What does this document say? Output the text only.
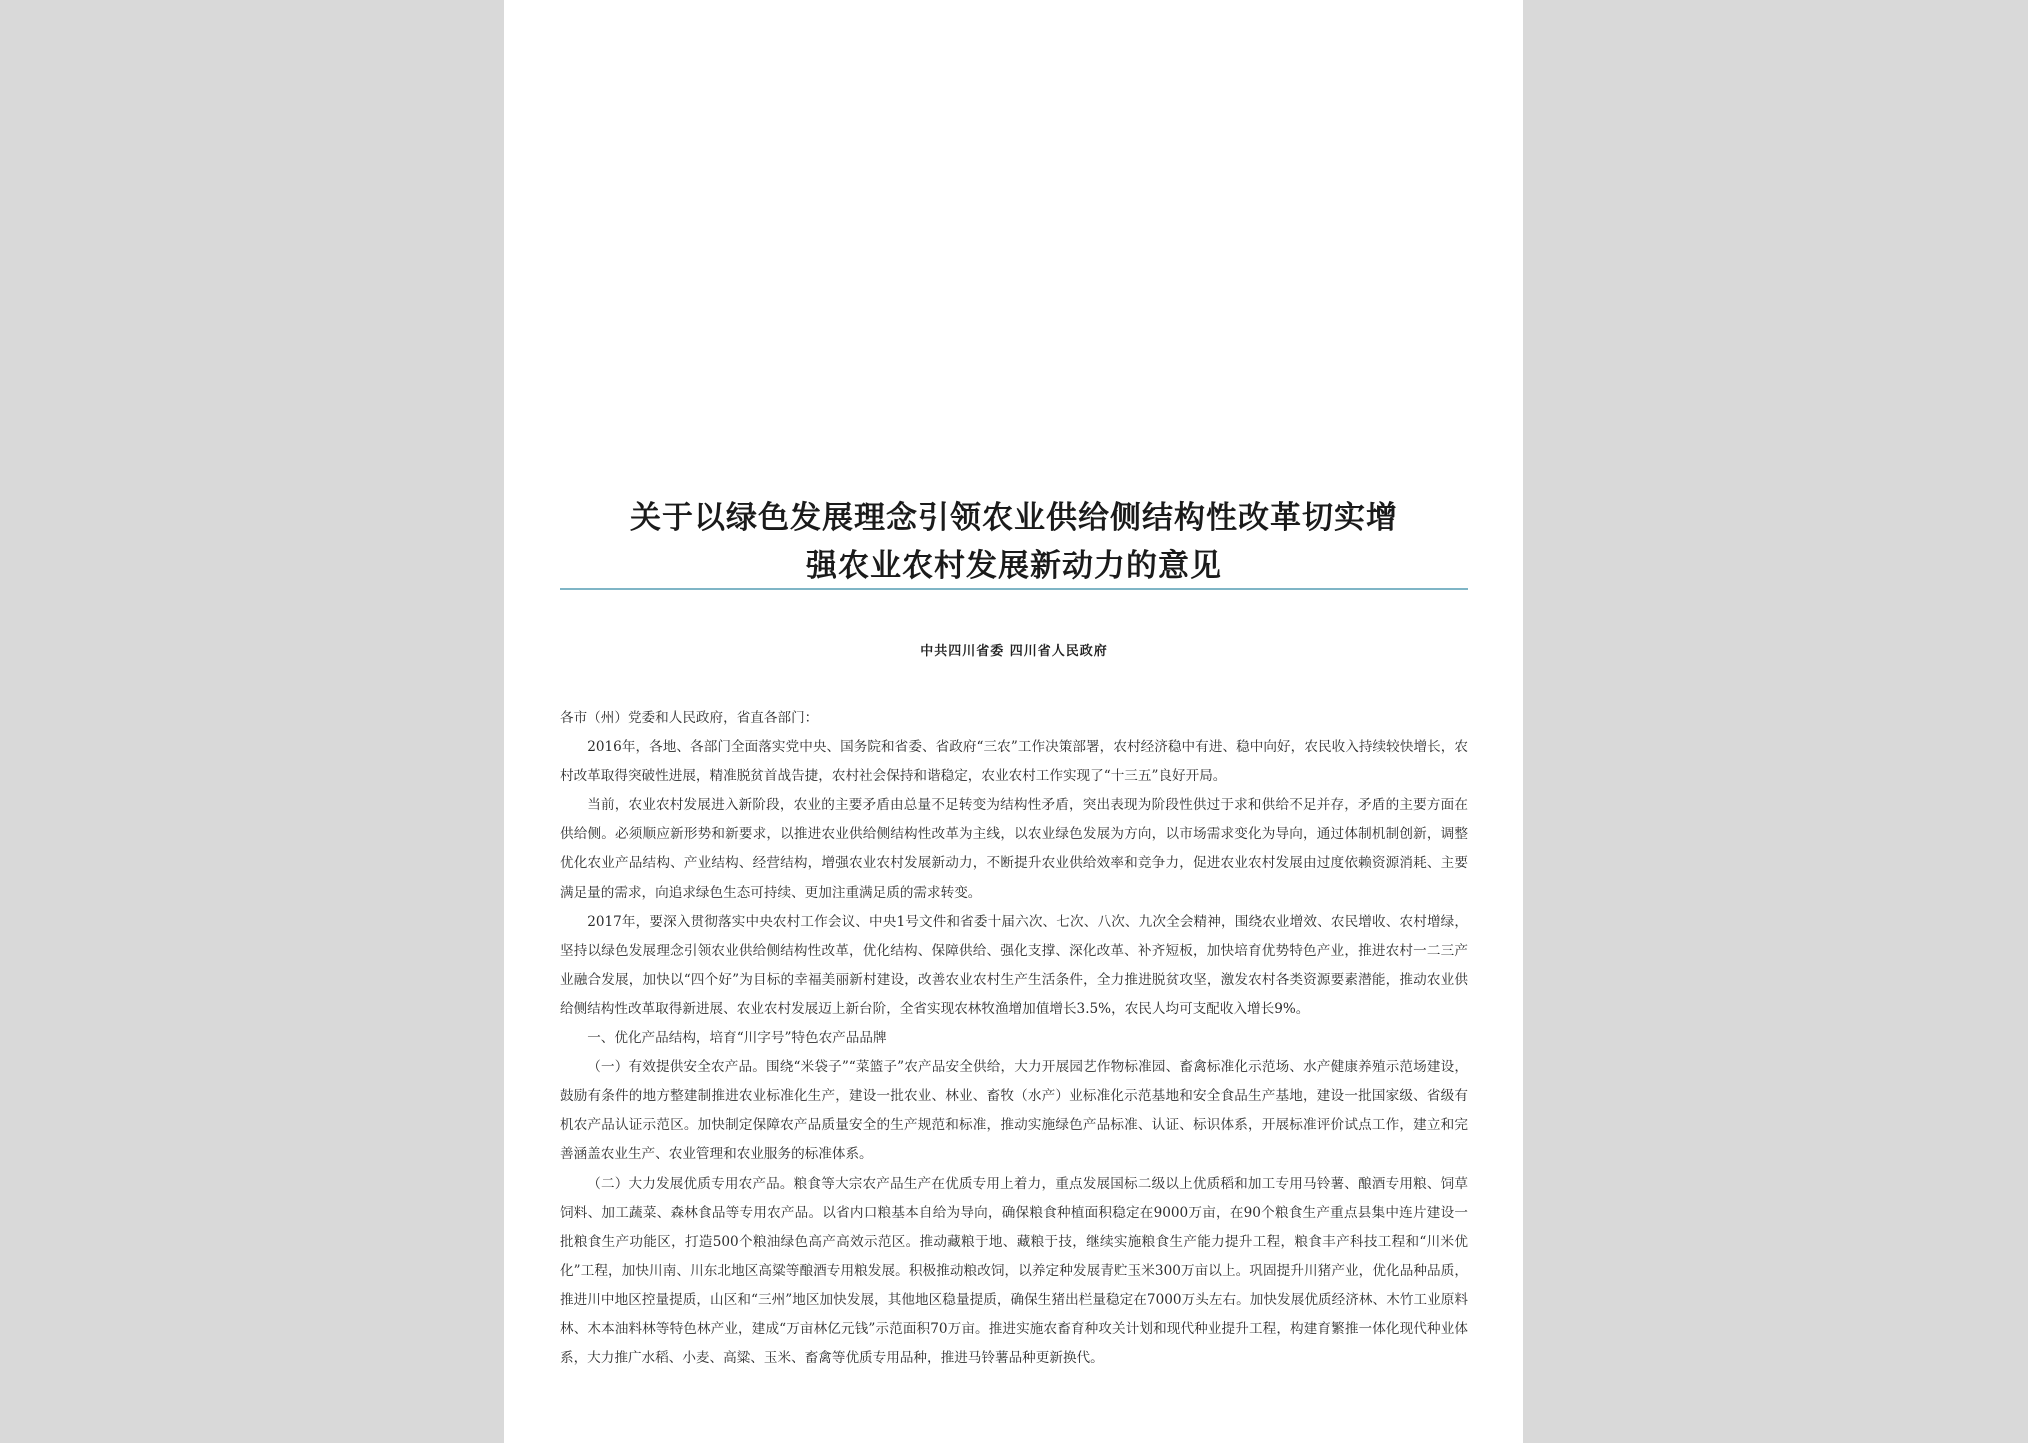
关于以绿色发展理念引领农业供给侧结构性改革切实增
强农业农村发展新动力的意见
中共四川省委 四川省人民政府

各市（州）党委和人民政府，省直各部门：

2016年，各地、各部门全面落实党中央、国务院和省委、省政府“三农”工作决策部署，农村经济稳中有进、稳中向好，农民收入持续较快增长，农村改革取得突破性进展，精准脱贫首战告捷，农村社会保持和谐稳定，农业农村工作实现了“十三五”良好开局。

当前，农业农村发展进入新阶段，农业的主要矛盾由总量不足转变为结构性矛盾，突出表现为阶段性供过于求和供给不足并存，矛盾的主要方面在供给侧。必须顺应新形势和新要求，以推进农业供给侧结构性改革为主线，以农业绿色发展为方向，以市场需求变化为导向，通过体制机制创新，调整优化农业产品结构、产业结构、经营结构，增强农业农村发展新动力，不断提升农业供给效率和竞争力，促进农业农村发展由过度依赖资源消耗、主要满足量的需求，向追求绿色生态可持续、更加注重满足质的需求转变。

2017年，要深入贯彻落实中央农村工作会议、中央1号文件和省委十届六次、七次、八次、九次全会精神，围绕农业增效、农民增收、农村增绿，坚持以绿色发展理念引领农业供给侧结构性改革，优化结构、保障供给、强化支撑、深化改革、补齐短板，加快培育优势特色产业，推进农村一二三产业融合发展，加快以“四个好”为目标的幸福美丽新村建设，改善农业农村生产生活条件，全力推进脱贫攻坚，激发农村各类资源要素潜能，推动农业供给侧结构性改革取得新进展、农业农村发展迈上新台阶，全省实现农林牧渔增加值增长3.5%，农民人均可支配收入增长9%。

一、优化产品结构，培育“川字号”特色农产品品牌

（一）有效提供安全农产品。围绕“米袋子”“菜篮子”农产品安全供给，大力开展园艺作物标准园、畜禽标准化示范场、水产健康养殖示范场建设，鼓励有条件的地方整建制推进农业标准化生产，建设一批农业、林业、畜牧（水产）业标准化示范基地和安全食品生产基地，建设一批国家级、省级有机农产品认证示范区。加快制定保障农产品质量安全的生产规范和标准，推动实施绿色产品标准、认证、标识体系，开展标准评价试点工作，建立和完善涵盖农业生产、农业管理和农业服务的标准体系。

（二）大力发展优质专用农产品。粮食等大宗农产品生产在优质专用上着力，重点发展国标二级以上优质稻和加工专用马铃薯、酿酒专用粮、饲草饲料、加工蔬菜、森林食品等专用农产品。以省内口粮基本自给为导向，确保粮食种植面积稳定在9000万亩，在90个粮食生产重点县集中连片建设一批粮食生产功能区，打造500个粮油绿色高产高效示范区。推动藏粮于地、藏粮于技，继续实施粮食生产能力提升工程，粮食丰产科技工程和“川米优化”工程，加快川南、川东北地区高粱等酿酒专用粮发展。积极推动粮改饲，以养定种发展青贮玉米300万亩以上。巩固提升川猪产业，优化品种品质，推进川中地区控量提质，山区和“三州”地区加快发展，其他地区稳量提质，确保生猪出栏量稳定在7000万头左右。加快发展优质经济林、木竹工业原料林、木本油料林等特色林产业，建成“万亩林亿元钱”示范面积70万亩。推进实施农畜育种攻关计划和现代种业提升工程，构建育繁推一体化现代种业体系，大力推广水稻、小麦、高粱、玉米、畜禽等优质专用品种，推进马铃薯品种更新换代。
